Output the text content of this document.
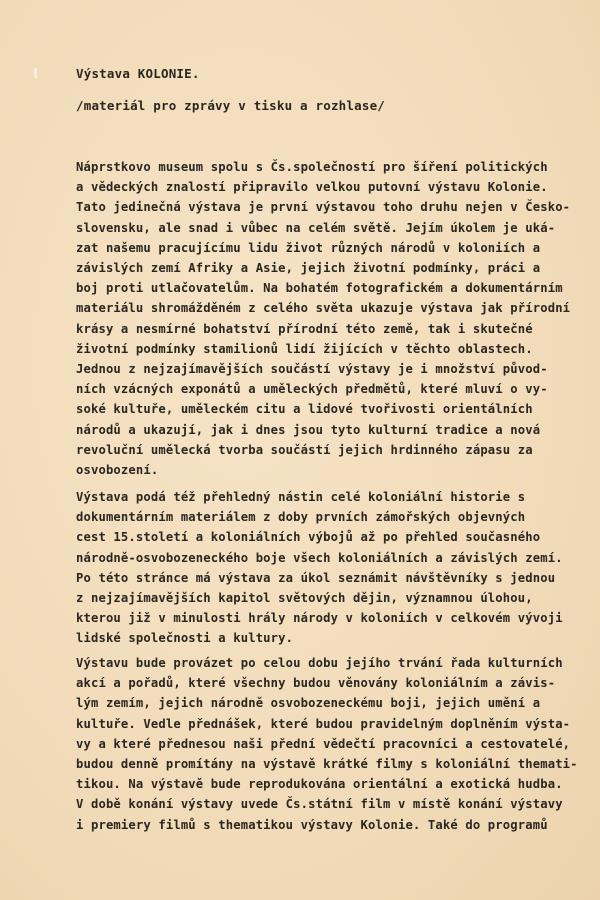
Výstava KOLONIE.
/materiál pro zprávy v tisku a rozhlase/
Náprstkovo museum spolu s Čs.společností pro šíření politických
a vědeckých znalostí připravilo velkou putovní výstavu Kolonie.
Tato jedinečná výstava je první výstavou toho druhu nejen v Česko-
slovensku, ale snad i vůbec na celém světě. Jejím úkolem je uká-
zat našemu pracujícímu lidu život různých národů v koloniích a
závislých zemí Afriky a Asie, jejich životní podmínky, práci a
boj proti utlačovatelům. Na bohatém fotografickém a dokumentárním
materiálu shromážděném z celého světa ukazuje výstava jak přírodní
krásy a nesmírné bohatství přírodní této země, tak i skutečné
životní podmínky stamilionů lidí žijících v těchto oblastech.
Jednou z nejzajímavějších součástí výstavy je i množství původ-
ních vzácných exponátů a uměleckých předmětů, které mluví o vy-
soké kultuře, uměleckém citu a lidové tvořivosti orientálních
národů a ukazují, jak i dnes jsou tyto kulturní tradice a nová
revoluční umělecká tvorba součástí jejich hrdinného zápasu za
osvobození.
Výstava podá též přehledný nástin celé koloniální historie s
dokumentárním materiálem z doby prvních zámořských objevných
cest 15.století a koloniálních výbojů až po přehled současného
národně-osvobozeneckého boje všech koloniálních a závislých zemí.
Po této stránce má výstava za úkol seznámit návštěvníky s jednou
z nejzajímavějších kapitol světových dějin, významnou úlohou,
kterou již v minulosti hrály národy v koloniích v celkovém vývoji
lidské společnosti a kultury.
Výstavu bude provázet po celou dobu jejího trvání řada kulturních
akcí a pořadů, které všechny budou věnovány koloniálním a závis-
lým zemím, jejich národně osvobozeneckému boji, jejich umění a
kultuře. Vedle přednášek, které budou pravidelným doplněním výsta-
vy a které přednesou naši přední vědečtí pracovníci a cestovatelé,
budou denně promítány na výstavě krátké filmy s koloniální themati-
tikou. Na výstavě bude reprodukována orientální a exotická hudba.
V době konání výstavy uvede Čs.státní film v místě konání výstavy
i premiery filmů s thematikou výstavy Kolonie. Také do programů
